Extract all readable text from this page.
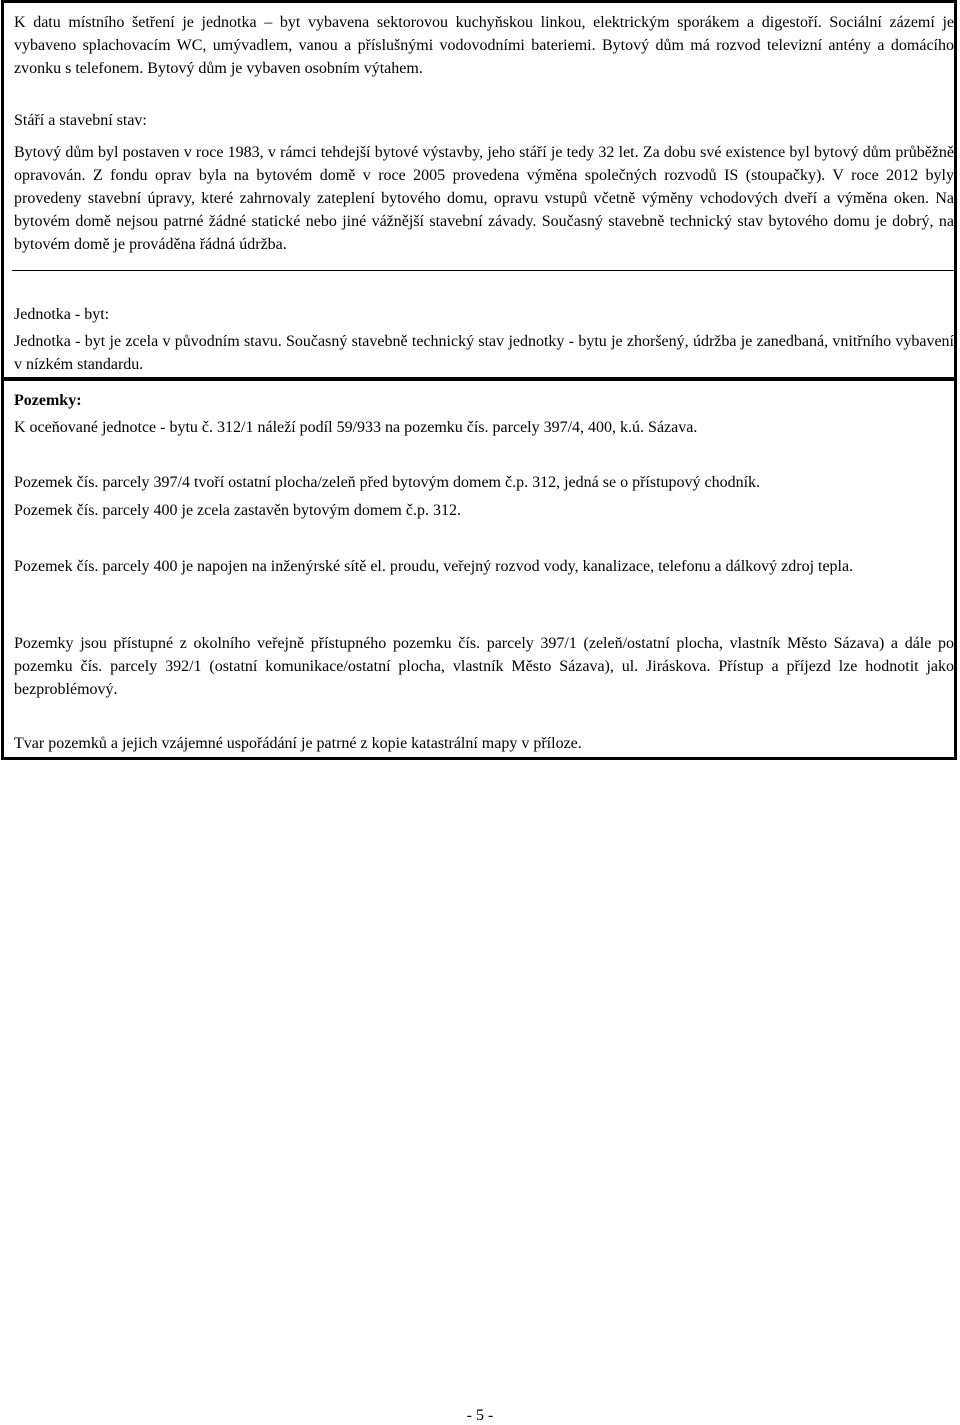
K datu místního šetření je jednotka – byt vybavena sektorovou kuchyňskou linkou, elektrickým sporákem a digestoří. Sociální zázemí je vybaveno splachovacím WC, umývadlem, vanou a příslušnými vodovodními bateriemi. Bytový dům má rozvod televizní antény a domácího zvonku s telefonem. Bytový dům je vybaven osobním výtahem.

Stáří a stavební stav:

Bytový dům byl postaven v roce 1983, v rámci tehdejší bytové výstavby, jeho stáří je tedy 32 let. Za dobu své existence byl bytový dům průběžně opravován. Z fondu oprav byla na bytovém domě v roce 2005 provedena výměna společných rozvodů IS (stoupačky). V roce 2012 byly provedeny stavební úpravy, které zahrnovaly zateplení bytového domu, opravu vstupů včetně výměny vchodových dveří a výměna oken. Na bytovém domě nejsou patrné žádné statické nebo jiné vážnější stavební závady. Současný stavebně technický stav bytového domu je dobrý, na bytovém domě je prováděna řádná údržba.

Jednotka - byt:

Jednotka - byt je zcela v původním stavu. Současný stavebně technický stav jednotky - bytu je zhoršený, údržba je zanedbaná, vnitřního vybavení v nízkém standardu.

Pozemky:

K oceňované jednotce - bytu č. 312/1 náleží podíl 59/933 na pozemku čís. parcely 397/4, 400, k.ú. Sázava.

Pozemek čís. parcely 397/4 tvoří ostatní plocha/zeleň před bytovým domem č.p. 312, jedná se o přístupový chodník.

Pozemek čís. parcely 400 je zcela zastavěn bytovým domem č.p. 312.

Pozemek čís. parcely 400 je napojen na inženýrské sítě el. proudu, veřejný rozvod vody, kanalizace, telefonu a dálkový zdroj tepla.

Pozemky jsou přístupné z okolního veřejně přístupného pozemku čís. parcely 397/1 (zeleň/ostatní plocha, vlastník Město Sázava) a dále po pozemku čís. parcely 392/1 (ostatní komunikace/ostatní plocha, vlastník Město Sázava), ul. Jiráskova. Přístup a příjezd lze hodnotit jako bezproblémový.

Tvar pozemků a jejich vzájemné uspořádání je patrné z kopie katastrální mapy v příloze.

- 5 -
